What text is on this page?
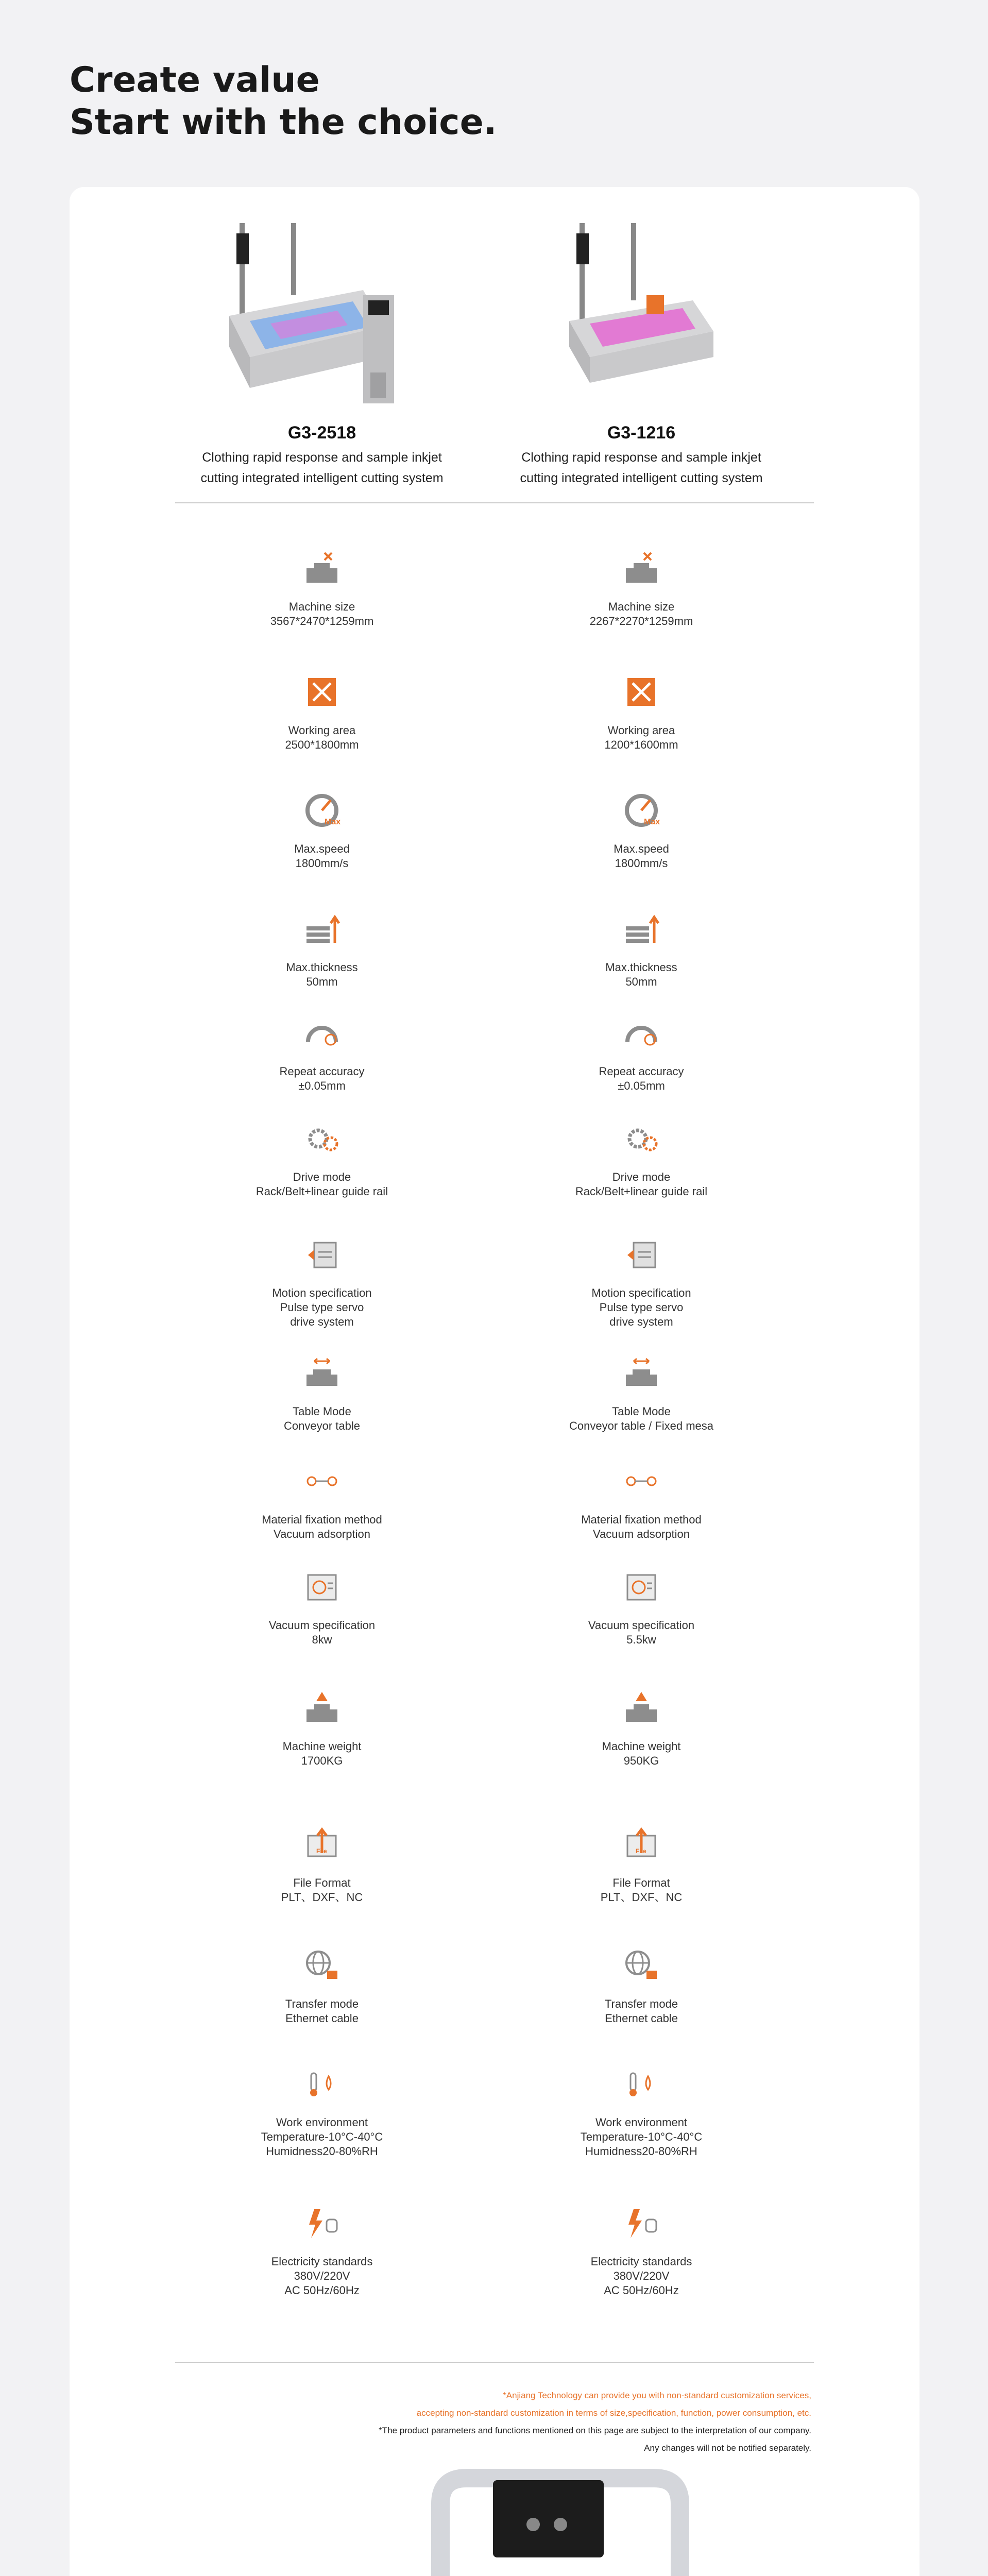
Create value
Start with the choice.
G3-2518
Clothing rapid response and sample inkjet
cutting integrated intelligent cutting system
G3-1216
Clothing rapid response and sample inkjet
cutting integrated intelligent cutting system
Machine size
3567*2470*1259mm
Machine size
2267*2270*1259mm
Working area
2500*1800mm
Working area
1200*1600mm
Max
Max.speed
1800mm/s
Max
Max.speed
1800mm/s
Max.thickness
50mm
Max.thickness
50mm
Repeat accuracy
±0.05mm
Repeat accuracy
±0.05mm
Drive mode
Rack/Belt+linear guide rail
Drive mode
Rack/Belt+linear guide rail
Motion specification
Pulse type servo
drive system
Motion specification
Pulse type servo
drive system
Table Mode
Conveyor table
Table Mode
Conveyor table / Fixed mesa
Material fixation method
Vacuum adsorption
Material fixation method
Vacuum adsorption
Vacuum specification
8kw
Vacuum specification
5.5kw
Machine weight
1700KG
Machine weight
950KG
File
File Format
PLT、DXF、NC
File
File Format
PLT、DXF、NC
Transfer mode
Ethernet cable
Transfer mode
Ethernet cable
Work environment
Temperature-10°C-40°C
Humidness20-80%RH
Work environment
Temperature-10°C-40°C
Humidness20-80%RH
Electricity standards
380V/220V
AC 50Hz/60Hz
Electricity standards
380V/220V
AC 50Hz/60Hz
*Anjiang Technology can provide you with non-standard customization services,
accepting non-standard customization in terms of size,specification, function, power consumption, etc.
*The product parameters and functions mentioned on this page are subject to the interpretation of our company.
Any changes will not be notified separately.
